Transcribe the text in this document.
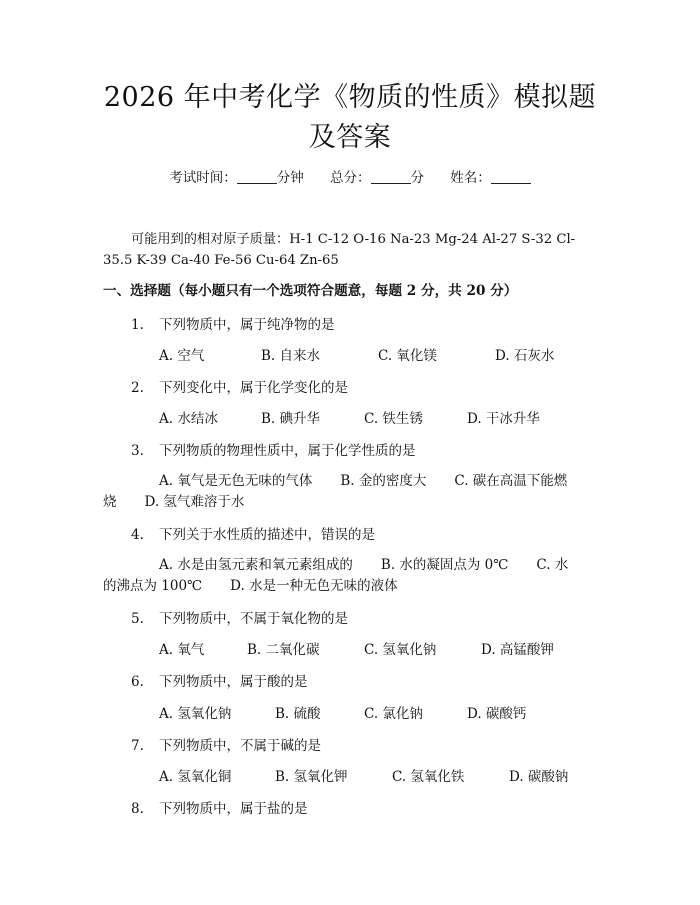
2026 年中考化学《物质的性质》模拟题及答案
考试时间：	分钟 总分：	分 姓名：
可能用到的相对原子质量：H-1 C-12 O-16 Na-23 Mg-24 Al-27 S-32 Cl-35.5 K-39 Ca-40 Fe-56 Cu-64 Zn-65
一、选择题（每小题只有一个选项符合题意，每题 2 分，共 20 分）
1. 下列物质中，属于纯净物的是
A. 空气	B. 自来水	C. 氧化镁	D. 石灰水
2. 下列变化中，属于化学变化的是
A. 水结冰	B. 碘升华	C. 铁生锈	D. 干冰升华
3. 下列物质的物理性质中，属于化学性质的是
A. 氧气是无色无味的气体 B. 金的密度大 C. 碳在高温下能燃烧 D. 氢气难溶于水
4. 下列关于水性质的描述中，错误的是
A. 水是由氢元素和氧元素组成的 B. 水的凝固点为 0℃ C. 水的沸点为 100℃ D. 水是一种无色无味的液体
5. 下列物质中，不属于氧化物的是
A. 氧气	B. 二氧化碳	C. 氢氧化钠	D. 高锰酸钾
6. 下列物质中，属于酸的是
A. 氢氧化钠	B. 硫酸	C. 氯化钠	D. 碳酸钙
7. 下列物质中，不属于碱的是
A. 氢氧化铜	B. 氢氧化钾	C. 氢氧化铁	D. 碳酸钠
8. 下列物质中，属于盐的是
